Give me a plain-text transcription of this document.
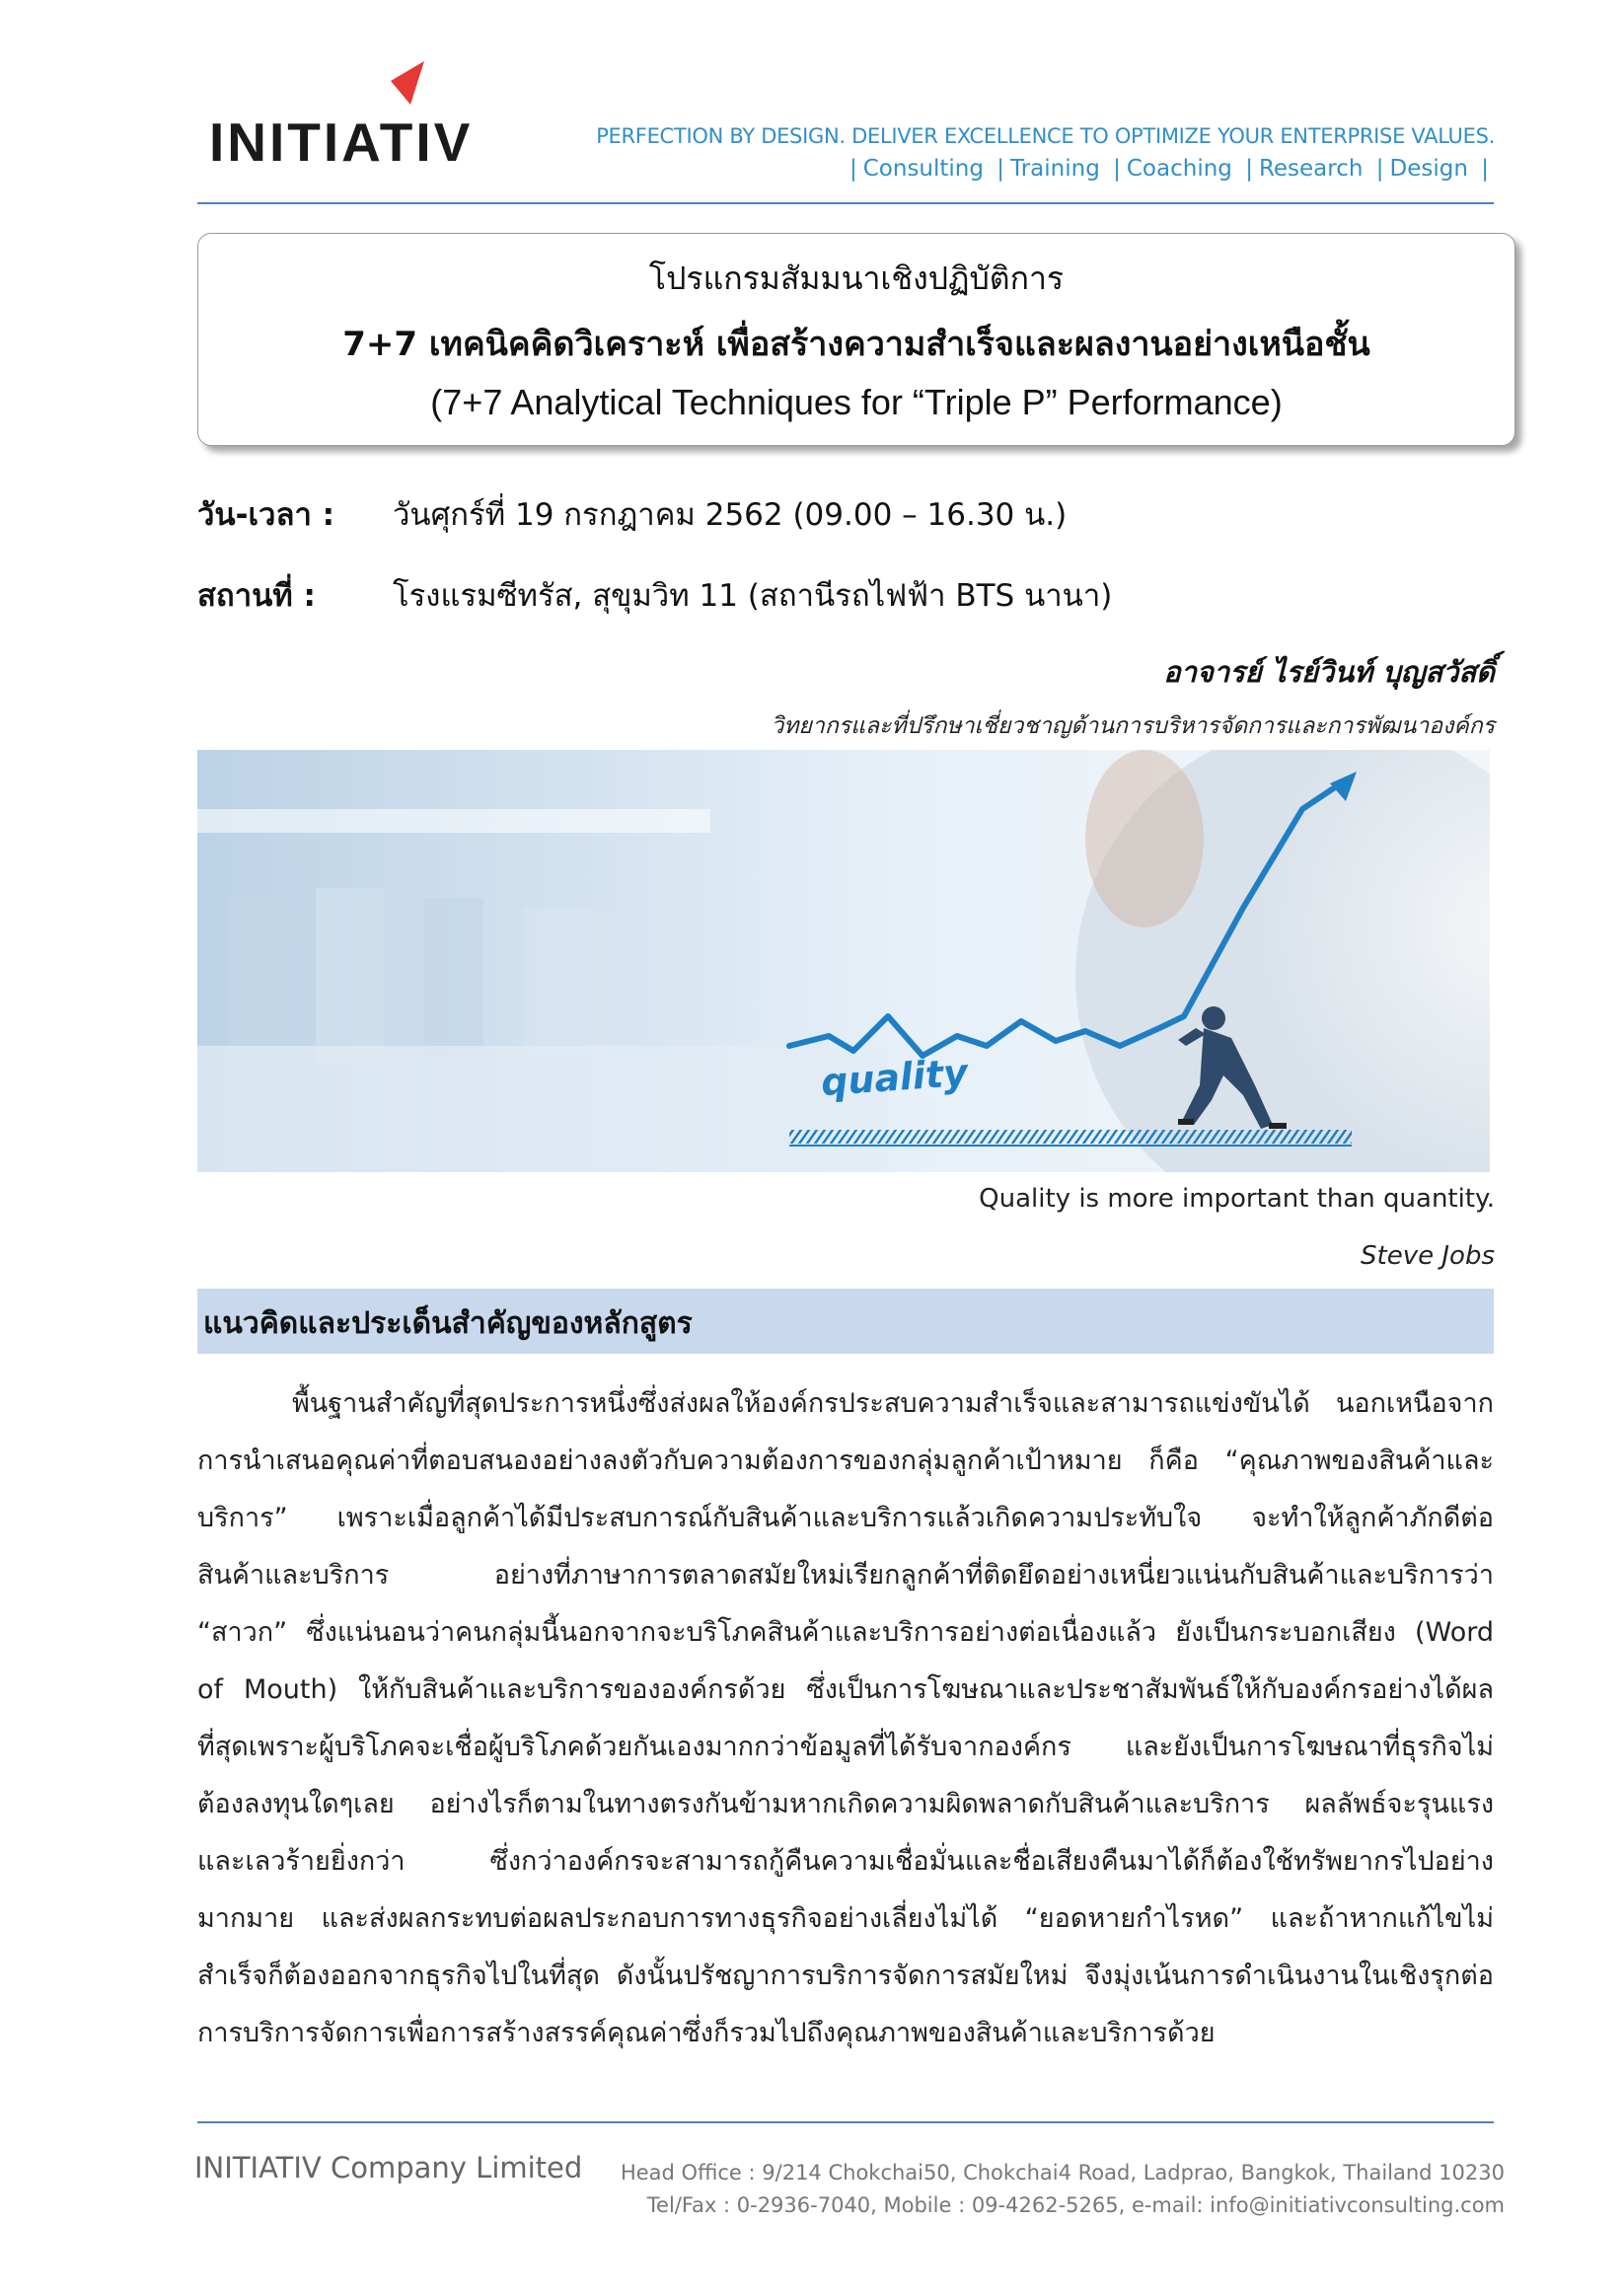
INITIATIV	PERFECTION BY DESIGN. DELIVER EXCELLENCE TO OPTIMIZE YOUR ENTERPRISE VALUES.
| Consulting | Training | Coaching | Research | Design |
โปรแกรมสัมมนาเชิงปฏิบัติการ
7+7 เทคนิคคิดวิเคราะห์ เพื่อสร้างความสำเร็จและผลงานอย่างเหนือชั้น
(7+7 Analytical Techniques for “Triple P” Performance)
วัน-เวลา : วันศุกร์ที่ 19 กรกฎาคม 2562 (09.00 – 16.30 น.)
สถานที่ :	โรงแรมซีทรัส, สุขุมวิท 11 (สถานีรถไฟฟ้า BTS นานา)
อาจารย์ ไรย์วินท์ บุญสวัสดิ์
วิทยากรและที่ปรึกษาเชี่ยวชาญด้านการบริหารจัดการและการพัฒนาองค์กร
quality
Quality is more important than quantity.
Steve Jobs
แนวคิดและประเด็นสำคัญของหลักสูตร
พื้นฐานสำคัญที่สุดประการหนึ่งซึ่งส่งผลให้องค์กรประสบความสำเร็จและสามารถแข่งขันได้ นอกเหนือจาก
การนำเสนอคุณค่าที่ตอบสนองอย่างลงตัวกับความต้องการของกลุ่มลูกค้าเป้าหมาย ก็คือ “คุณภาพของสินค้าและ
บริการ” เพราะเมื่อลูกค้าได้มีประสบการณ์กับสินค้าและบริการแล้วเกิดความประทับใจ จะทำให้ลูกค้าภักดีต่อ
สินค้าและบริการ อย่างที่ภาษาการตลาดสมัยใหม่เรียกลูกค้าที่ติดยึดอย่างเหนี่ยวแน่นกับสินค้าและบริการว่า
“สาวก” ซึ่งแน่นอนว่าคนกลุ่มนี้นอกจากจะบริโภคสินค้าและบริการอย่างต่อเนื่องแล้ว ยังเป็นกระบอกเสียง (Word
of Mouth) ให้กับสินค้าและบริการขององค์กรด้วย ซึ่งเป็นการโฆษณาและประชาสัมพันธ์ให้กับองค์กรอย่างได้ผล
ที่สุดเพราะผู้บริโภคจะเชื่อผู้บริโภคด้วยกันเองมากกว่าข้อมูลที่ได้รับจากองค์กร และยังเป็นการโฆษณาที่ธุรกิจไม่
ต้องลงทุนใดๆเลย อย่างไรก็ตามในทางตรงกันข้ามหากเกิดความผิดพลาดกับสินค้าและบริการ ผลลัพธ์จะรุนแรง
และเลวร้ายยิ่งกว่า ซึ่งกว่าองค์กรจะสามารถกู้คืนความเชื่อมั่นและชื่อเสียงคืนมาได้ก็ต้องใช้ทรัพยากรไปอย่าง
มากมาย และส่งผลกระทบต่อผลประกอบการทางธุรกิจอย่างเลี่ยงไม่ได้ “ยอดหายกำไรหด” และถ้าหากแก้ไขไม่
สำเร็จก็ต้องออกจากธุรกิจไปในที่สุด ดังนั้นปรัชญาการบริการจัดการสมัยใหม่ จึงมุ่งเน้นการดำเนินงานในเชิงรุกต่อ
การบริการจัดการเพื่อการสร้างสรรค์คุณค่าซึ่งก็รวมไปถึงคุณภาพของสินค้าและบริการด้วย
INITIATIV Company Limited Head Office : 9/214 Chokchai50, Chokchai4 Road, Ladprao, Bangkok, Thailand 10230
Tel/Fax : 0-2936-7040, Mobile : 09-4262-5265, e-mail: info@initiativconsulting.com
